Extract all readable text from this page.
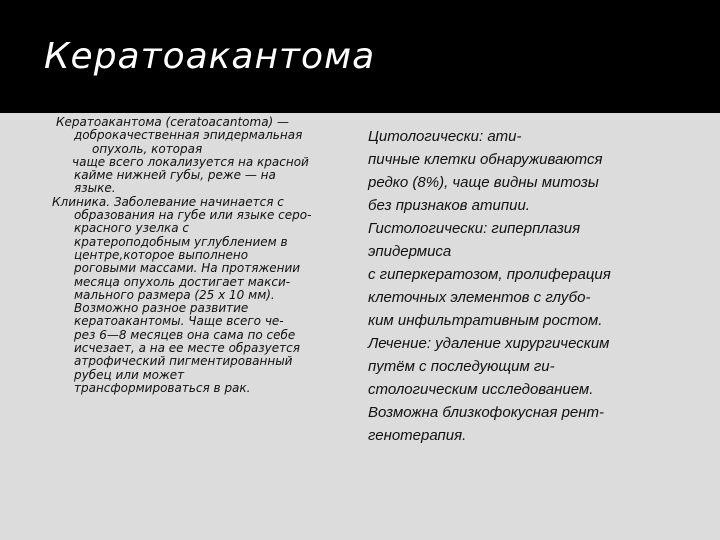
Кератоакантома
Кератоакантома (ceratoacantoma) —
доброкачественная эпидермальная
опухоль, которая
чаще всего локализуется на красной
кайме нижней губы, реже — на
языке.
Клиника. Заболевание начинается с
образования на губе или языке серо-
красного узелка с
кратероподобным углублением в
центре,которое выполнено
роговыми массами. На протяжении
месяца опухоль достигает макси-
мального размера (25 х 10 мм).
Возможно разное развитие
кератоакантомы. Чаще всего че-
рез 6—8 месяцев она сама по себе
исчезает, а на ее месте образуется
атрофический пигментированный
рубец или может
трансформироваться в рак.
Цитологически: ати-
пичные клетки обнаруживаются
редко (8%), чаще видны митозы
без признаков атипии.
Гистологически: гиперплазия
эпидермиса
с гиперкератозом, пролиферация
клеточных элементов с глубо-
ким инфильтративным ростом.
Лечение: удаление хирургическим
путём с последующим ги-
стологическим исследованием.
Возможна близкофокусная рент-
генотерапия.
